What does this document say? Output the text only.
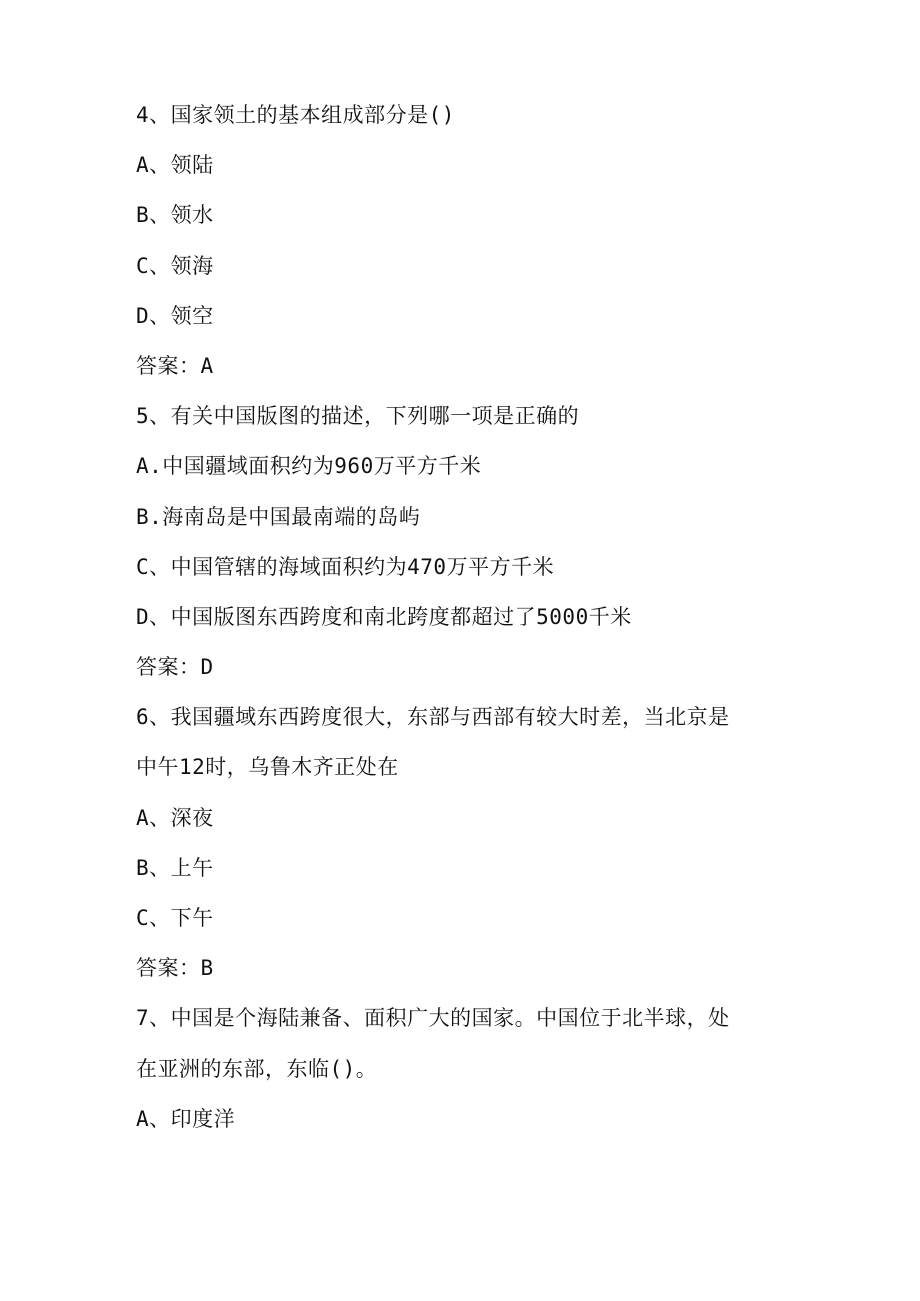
4、国家领土的基本组成部分是()
A、领陆
B、领水
C、领海
D、领空
答案：A
5、有关中国版图的描述，下列哪一项是正确的
A.中国疆域面积约为960万平方千米
B.海南岛是中国最南端的岛屿
C、中国管辖的海域面积约为470万平方千米
D、中国版图东西跨度和南北跨度都超过了5000千米
答案：D
6、我国疆域东西跨度很大，东部与西部有较大时差，当北京是
中午12时，乌鲁木齐正处在
A、深夜
B、上午
C、下午
答案：B
7、中国是个海陆兼备、面积广大的国家。中国位于北半球，处
在亚洲的东部，东临()。
A、印度洋
